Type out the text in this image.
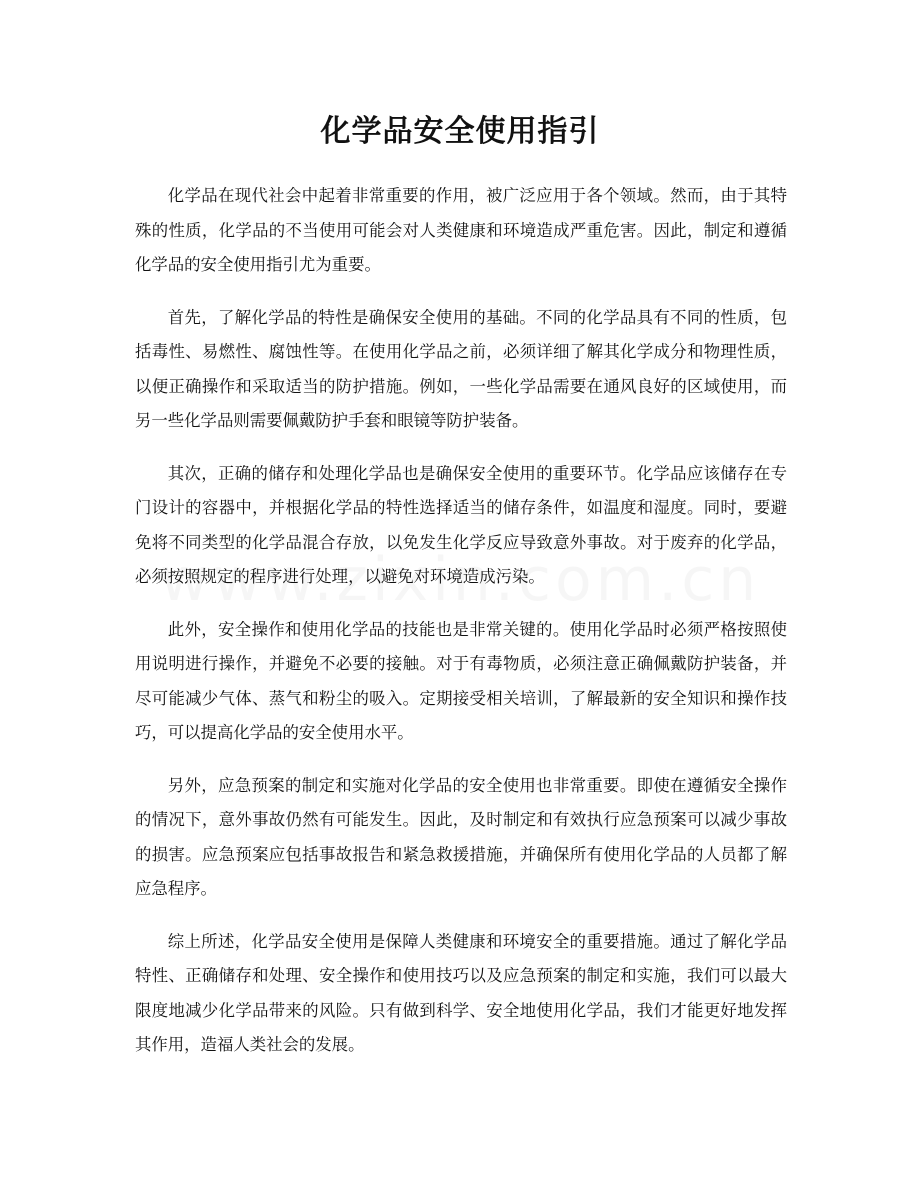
化学品安全使用指引

化学品在现代社会中起着非常重要的作用，被广泛应用于各个领域。然而，由于其特殊的性质，化学品的不当使用可能会对人类健康和环境造成严重危害。因此，制定和遵循化学品的安全使用指引尤为重要。

首先，了解化学品的特性是确保安全使用的基础。不同的化学品具有不同的性质，包括毒性、易燃性、腐蚀性等。在使用化学品之前，必须详细了解其化学成分和物理性质，以便正确操作和采取适当的防护措施。例如，一些化学品需要在通风良好的区域使用，而另一些化学品则需要佩戴防护手套和眼镜等防护装备。

其次，正确的储存和处理化学品也是确保安全使用的重要环节。化学品应该储存在专门设计的容器中，并根据化学品的特性选择适当的储存条件，如温度和湿度。同时，要避免将不同类型的化学品混合存放，以免发生化学反应导致意外事故。对于废弃的化学品，必须按照规定的程序进行处理，以避免对环境造成污染。

此外，安全操作和使用化学品的技能也是非常关键的。使用化学品时必须严格按照使用说明进行操作，并避免不必要的接触。对于有毒物质，必须注意正确佩戴防护装备，并尽可能减少气体、蒸气和粉尘的吸入。定期接受相关培训，了解最新的安全知识和操作技巧，可以提高化学品的安全使用水平。

另外，应急预案的制定和实施对化学品的安全使用也非常重要。即使在遵循安全操作的情况下，意外事故仍然有可能发生。因此，及时制定和有效执行应急预案可以减少事故的损害。应急预案应包括事故报告和紧急救援措施，并确保所有使用化学品的人员都了解应急程序。

综上所述，化学品安全使用是保障人类健康和环境安全的重要措施。通过了解化学品特性、正确储存和处理、安全操作和使用技巧以及应急预案的制定和实施，我们可以最大限度地减少化学品带来的风险。只有做到科学、安全地使用化学品，我们才能更好地发挥其作用，造福人类社会的发展。
